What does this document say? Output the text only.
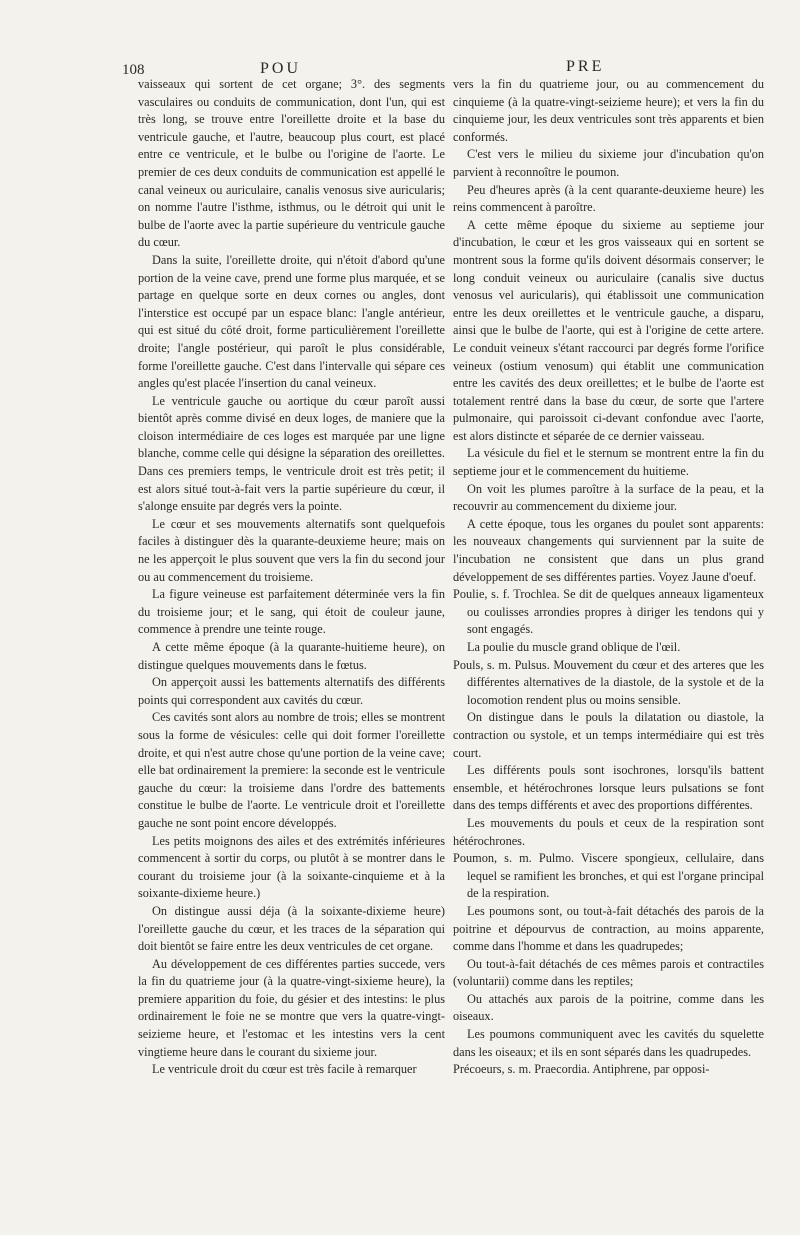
108	POU	PRE

vaisseaux qui sortent de cet organe; 3°. des segments vasculaires ou conduits de communication, dont l'un, qui est très long, se trouve entre l'oreillette droite et la base du ventricule gauche, et l'autre, beaucoup plus court, est placé entre ce ventricule, et le bulbe ou l'origine de l'aorte. Le premier de ces deux conduits de communication est appellé le canal veineux ou auriculaire, canalis venosus sive auricularis; on nomme l'autre l'isthme, isthmus, ou le détroit qui unit le bulbe de l'aorte avec la partie supérieure du ventricule gauche du cœur.

Dans la suite, l'oreillette droite, qui n'étoit d'abord qu'une portion de la veine cave, prend une forme plus marquée, et se partage en quelque sorte en deux cornes ou angles, dont l'interstice est occupé par un espace blanc: l'angle antérieur, qui est situé du côté droit, forme particulièrement l'oreillette droite; l'angle postérieur, qui paroît le plus considérable, forme l'oreillette gauche. C'est dans l'intervalle qui sépare ces angles qu'est placée l'insertion du canal veineux.

Le ventricule gauche ou aortique du cœur paroît aussi bientôt après comme divisé en deux loges, de maniere que la cloison intermédiaire de ces loges est marquée par une ligne blanche, comme celle qui désigne la séparation des oreillettes. Dans ces premiers temps, le ventricule droit est très petit; il est alors situé tout-à-fait vers la partie supérieure du cœur, il s'alonge ensuite par degrés vers la pointe.

Le cœur et ses mouvements alternatifs sont quelquefois faciles à distinguer dès la quarante-deuxieme heure; mais on ne les apperçoit le plus souvent que vers la fin du second jour ou au commencement du troisieme.

La figure veineuse est parfaitement déterminée vers la fin du troisieme jour; et le sang, qui étoit de couleur jaune, commence à prendre une teinte rouge.

A cette même époque (à la quarante-huitieme heure), on distingue quelques mouvements dans le fœtus.

On apperçoit aussi les battements alternatifs des différents points qui correspondent aux cavités du cœur.

Ces cavités sont alors au nombre de trois; elles se montrent sous la forme de vésicules: celle qui doit former l'oreillette droite, et qui n'est autre chose qu'une portion de la veine cave; elle bat ordinairement la premiere: la seconde est le ventricule gauche du cœur: la troisieme dans l'ordre des battements constitue le bulbe de l'aorte. Le ventricule droit et l'oreillette gauche ne sont point encore développés.

Les petits moignons des ailes et des extrémités inférieures commencent à sortir du corps, ou plutôt à se montrer dans le courant du troisieme jour (à la soixante-cinquieme et à la soixante-dixieme heure.)

On distingue aussi déja (à la soixante-dixieme heure) l'oreillette gauche du cœur, et les traces de la séparation qui doit bientôt se faire entre les deux ventricules de cet organe.

Au développement de ces différentes parties succede, vers la fin du quatrieme jour (à la quatre-vingt-sixieme heure), la premiere apparition du foie, du gésier et des intestins: le plus ordinairement le foie ne se montre que vers la quatre-vingt-seizieme heure, et l'estomac et les intestins vers la cent vingtieme heure dans le courant du sixieme jour.

Le ventricule droit du cœur est très facile à remarquer

vers la fin du quatrieme jour, ou au commencement du cinquieme (à la quatre-vingt-seizieme heure); et vers la fin du cinquieme jour, les deux ventricules sont très apparents et bien conformés.

C'est vers le milieu du sixieme jour d'incubation qu'on parvient à reconnoître le poumon.

Peu d'heures après (à la cent quarante-deuxieme heure) les reins commencent à paroître.

A cette même époque du sixieme au septieme jour d'incubation, le cœur et les gros vaisseaux qui en sortent se montrent sous la forme qu'ils doivent désormais conserver; le long conduit veineux ou auriculaire (canalis sive ductus venosus vel auricularis), qui établissoit une communication entre les deux oreillettes et le ventricule gauche, a disparu, ainsi que le bulbe de l'aorte, qui est à l'origine de cette artere. Le conduit veineux s'étant raccourci par degrés forme l'orifice veineux (ostium venosum) qui établit une communication entre les cavités des deux oreillettes; et le bulbe de l'aorte est totalement rentré dans la base du cœur, de sorte que l'artere pulmonaire, qui paroissoit ci-devant confondue avec l'aorte, est alors distincte et séparée de ce dernier vaisseau.

La vésicule du fiel et le sternum se montrent entre la fin du septieme jour et le commencement du huitieme.

On voit les plumes paroître à la surface de la peau, et la recouvrir au commencement du dixieme jour.

A cette époque, tous les organes du poulet sont apparents: les nouveaux changements qui surviennent par la suite de l'incubation ne consistent que dans un plus grand développement de ses différentes parties. Voyez Jaune d'oeuf.

Poulie, s. f. Trochlea. Se dit de quelques anneaux ligamenteux ou coulisses arrondies propres à diriger les tendons qui y sont engagés.

La poulie du muscle grand oblique de l'œil.

Pouls, s. m. Pulsus. Mouvement du cœur et des arteres que les différentes alternatives de la diastole, de la systole et de la locomotion rendent plus ou moins sensible.

On distingue dans le pouls la dilatation ou diastole, la contraction ou systole, et un temps intermédiaire qui est très court.

Les différents pouls sont isochrones, lorsqu'ils battent ensemble, et hétérochrones lorsque leurs pulsations se font dans des temps différents et avec des proportions différentes.

Les mouvements du pouls et ceux de la respiration sont hétérochrones.

Poumon, s. m. Pulmo. Viscere spongieux, cellulaire, dans lequel se ramifient les bronches, et qui est l'organe principal de la respiration.

Les poumons sont, ou tout-à-fait détachés des parois de la poitrine et dépourvus de contraction, au moins apparente, comme dans l'homme et dans les quadrupedes;

Ou tout-à-fait détachés de ces mêmes parois et contractiles (voluntarii) comme dans les reptiles;

Ou attachés aux parois de la poitrine, comme dans les oiseaux.

Les poumons communiquent avec les cavités du squelette dans les oiseaux; et ils en sont séparés dans les quadrupedes.

Précoeurs, s. m. Praecordia. Antiphrene, par opposi-
